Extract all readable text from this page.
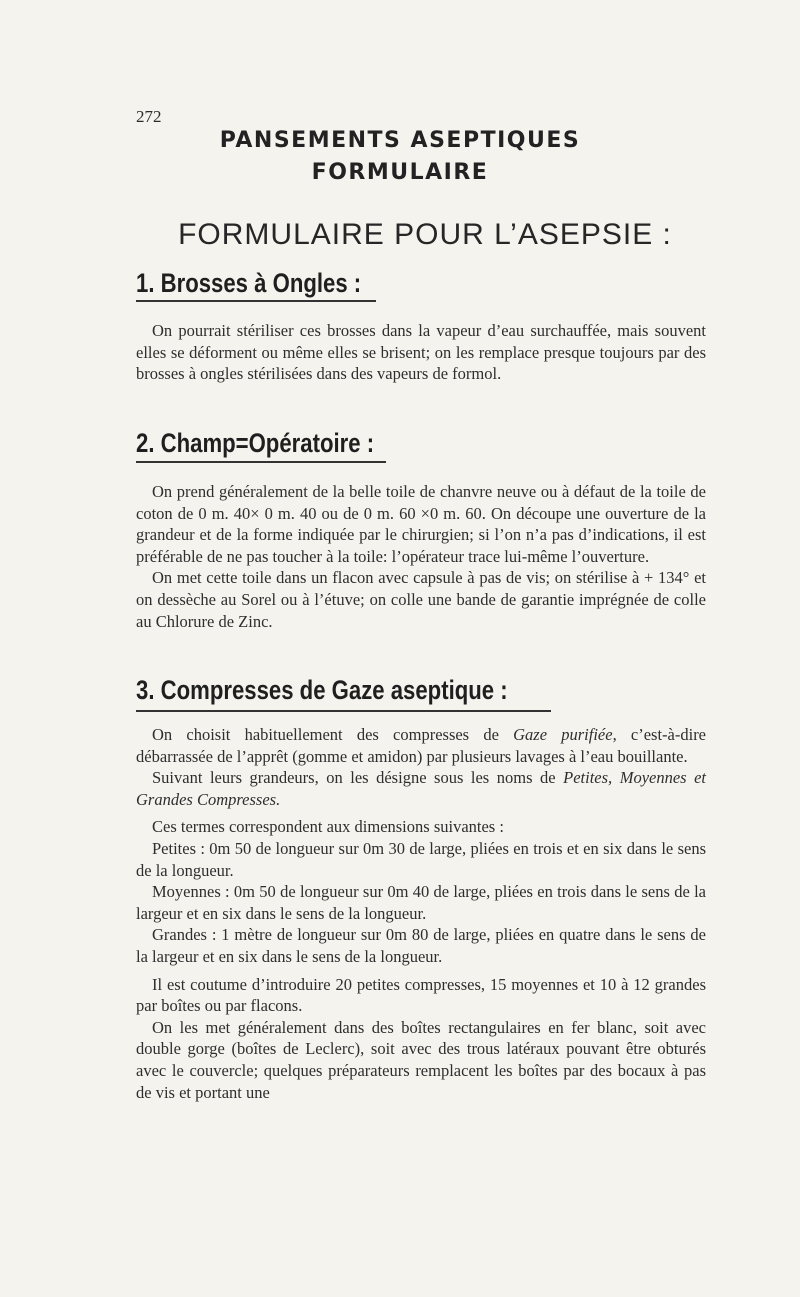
272
PANSEMENTS ASEPTIQUES
FORMULAIRE
FORMULAIRE POUR L’ASEPSIE :
1. Brosses à Ongles :

On pourrait stériliser ces brosses dans la vapeur d’eau surchauffée, mais souvent elles se déforment ou même elles se brisent; on les remplace presque toujours par des brosses à ongles stérilisées dans des vapeurs de formol.

2. Champ=Opératoire :

On prend généralement de la belle toile de chanvre neuve ou à défaut de la toile de coton de 0 m. 40× 0 m. 40 ou de 0 m. 60 ×0 m. 60. On découpe une ouverture de la grandeur et de la forme indiquée par le chirurgien; si l’on n’a pas d’indications, il est préférable de ne pas toucher à la toile: l’opérateur trace lui-même l’ouverture.

On met cette toile dans un flacon avec capsule à pas de vis; on stérilise à + 134° et on dessèche au Sorel ou à l’étuve; on colle une bande de garantie imprégnée de colle au Chlorure de Zinc.

3. Compresses de Gaze aseptique :

On choisit habituellement des compresses de Gaze purifiée, c’est-à-dire débarrassée de l’apprêt (gomme et amidon) par plusieurs lavages à l’eau bouillante.

Suivant leurs grandeurs, on les désigne sous les noms de Petites, Moyennes et Grandes Compresses.

Ces termes correspondent aux dimensions suivantes :

Petites : 0m 50 de longueur sur 0m 30 de large, pliées en trois et en six dans le sens de la longueur.

Moyennes : 0m 50 de longueur sur 0m 40 de large, pliées en trois dans le sens de la largeur et en six dans le sens de la longueur.

Grandes : 1 mètre de longueur sur 0m 80 de large, pliées en quatre dans le sens de la largeur et en six dans le sens de la longueur.

Il est coutume d’introduire 20 petites compresses, 15 moyennes et 10 à 12 grandes par boîtes ou par flacons.

On les met généralement dans des boîtes rectangulaires en fer blanc, soit avec double gorge (boîtes de Leclerc), soit avec des trous latéraux pouvant être obturés avec le couvercle; quelques préparateurs remplacent les boîtes par des bocaux à pas de vis et portant une
